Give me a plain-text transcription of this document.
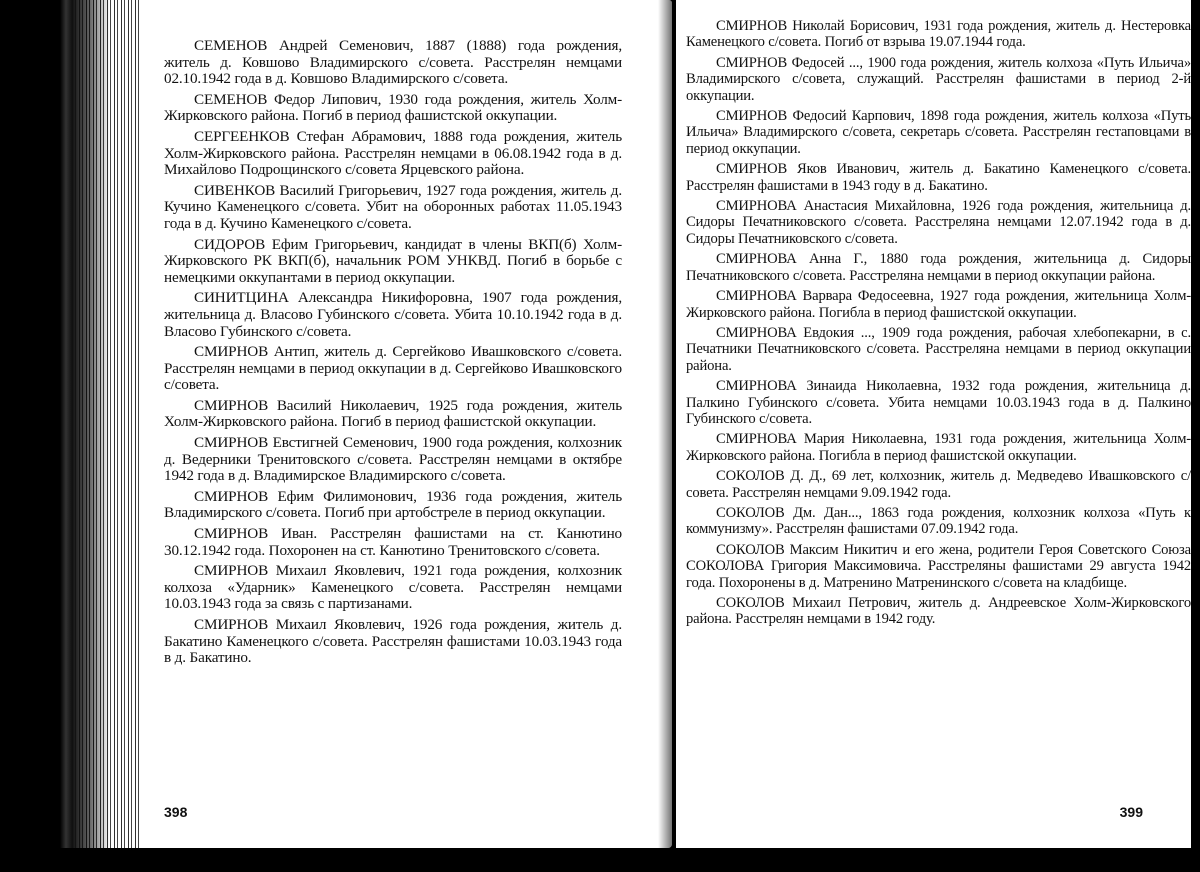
СЕМЕНОВ Андрей Семенович, 1887 (1888) года рождения, житель д. Ковшово Владимирского с/совета. Расстрелян немцами 02.10.1942 года в д. Ковшово Владимирского с/совета.

СЕМЕНОВ Федор Липович, 1930 года рождения, житель Холм-Жирковского района. Погиб в период фашистской оккупации.

СЕРГЕЕНКОВ Стефан Абрамович, 1888 года рождения, житель Холм-Жирковского района. Расстрелян немцами в 06.08.1942 года в д. Михайлово Подрощинского с/совета Ярцевского района.

СИВЕНКОВ Василий Григорьевич, 1927 года рождения, житель д. Кучино Каменецкого с/совета. Убит на оборонных работах 11.05.1943 года в д. Кучино Каменецкого с/совета.

СИДОРОВ Ефим Григорьевич, кандидат в члены ВКП(б) Холм-Жирковского РК ВКП(б), начальник РОМ УНКВД. Погиб в борьбе с немецкими оккупантами в период оккупации.

СИНИТЦИНА Александра Никифоровна, 1907 года рождения, жительница д. Власово Губинского с/совета. Убита 10.10.1942 года в д. Власово Губинского с/совета.

СМИРНОВ Антип, житель д. Сергейково Ивашковского с/совета. Расстрелян немцами в период оккупации в д. Сергейково Ивашковского с/совета.

СМИРНОВ Василий Николаевич, 1925 года рождения, житель Холм-Жирковского района. Погиб в период фашистской оккупации.

СМИРНОВ Евстигней Семенович, 1900 года рождения, колхозник д. Ведерники Тренитовского с/совета. Расстрелян немцами в октябре 1942 года в д. Владимирское Владимирского с/совета.

СМИРНОВ Ефим Филимонович, 1936 года рождения, житель Владимирского с/совета. Погиб при артобстреле в период оккупации.

СМИРНОВ Иван. Расстрелян фашистами на ст. Канютино 30.12.1942 года. Похоронен на ст. Канютино Тренитовского с/совета.

СМИРНОВ Михаил Яковлевич, 1921 года рождения, колхозник колхоза «Ударник» Каменецкого с/совета. Расстрелян немцами 10.03.1943 года за связь с партизанами.

СМИРНОВ Михаил Яковлевич, 1926 года рождения, житель д. Бакатино Каменецкого с/совета. Расстрелян фашистами 10.03.1943 года в д. Бакатино.

398

СМИРНОВ Николай Борисович, 1931 года рождения, житель д. Нестеровка Каменецкого с/совета. Погиб от взрыва 19.07.1944 года.

СМИРНОВ Федосей ..., 1900 года рождения, житель колхоза «Путь Ильича» Владимирского с/совета, служащий. Расстрелян фашистами в период 2-й оккупации.

СМИРНОВ Федосий Карпович, 1898 года рождения, житель колхоза «Путь Ильича» Владимирского с/совета, секретарь с/совета. Расстрелян гестаповцами в период оккупации.

СМИРНОВ Яков Иванович, житель д. Бакатино Каменецкого с/совета. Расстрелян фашистами в 1943 году в д. Бакатино.

СМИРНОВА Анастасия Михайловна, 1926 года рождения, жительница д. Сидоры Печатниковского с/совета. Расстреляна немцами 12.07.1942 года в д. Сидоры Печатниковского с/совета.

СМИРНОВА Анна Г., 1880 года рождения, жительница д. Сидоры Печатниковского с/совета. Расстреляна немцами в период оккупации района.

СМИРНОВА Варвара Федосеевна, 1927 года рождения, жительница Холм-Жирковского района. Погибла в период фашистской оккупации.

СМИРНОВА Евдокия ..., 1909 года рождения, рабочая хлебопекарни, в с. Печатники Печатниковского с/совета. Расстреляна немцами в период оккупации района.

СМИРНОВА Зинаида Николаевна, 1932 года рождения, жительница д. Палкино Губинского с/совета. Убита немцами 10.03.1943 года в д. Палкино Губинского с/совета.

СМИРНОВА Мария Николаевна, 1931 года рождения, жительница Холм-Жирковского района. Погибла в период фашистской оккупации.

СОКОЛОВ Д. Д., 69 лет, колхозник, житель д. Медведево Ивашковского с/совета. Расстрелян немцами 9.09.1942 года.

СОКОЛОВ Дм. Дан..., 1863 года рождения, колхозник колхоза «Путь к коммунизму». Расстрелян фашистами 07.09.1942 года.

СОКОЛОВ Максим Никитич и его жена, родители Героя Советского Союза СОКОЛОВА Григория Максимовича. Расстреляны фашистами 29 августа 1942 года. Похоронены в д. Матренино Матренинского с/совета на кладбище.

СОКОЛОВ Михаил Петрович, житель д. Андреевское Холм-Жирковского района. Расстрелян немцами в 1942 году.

399
